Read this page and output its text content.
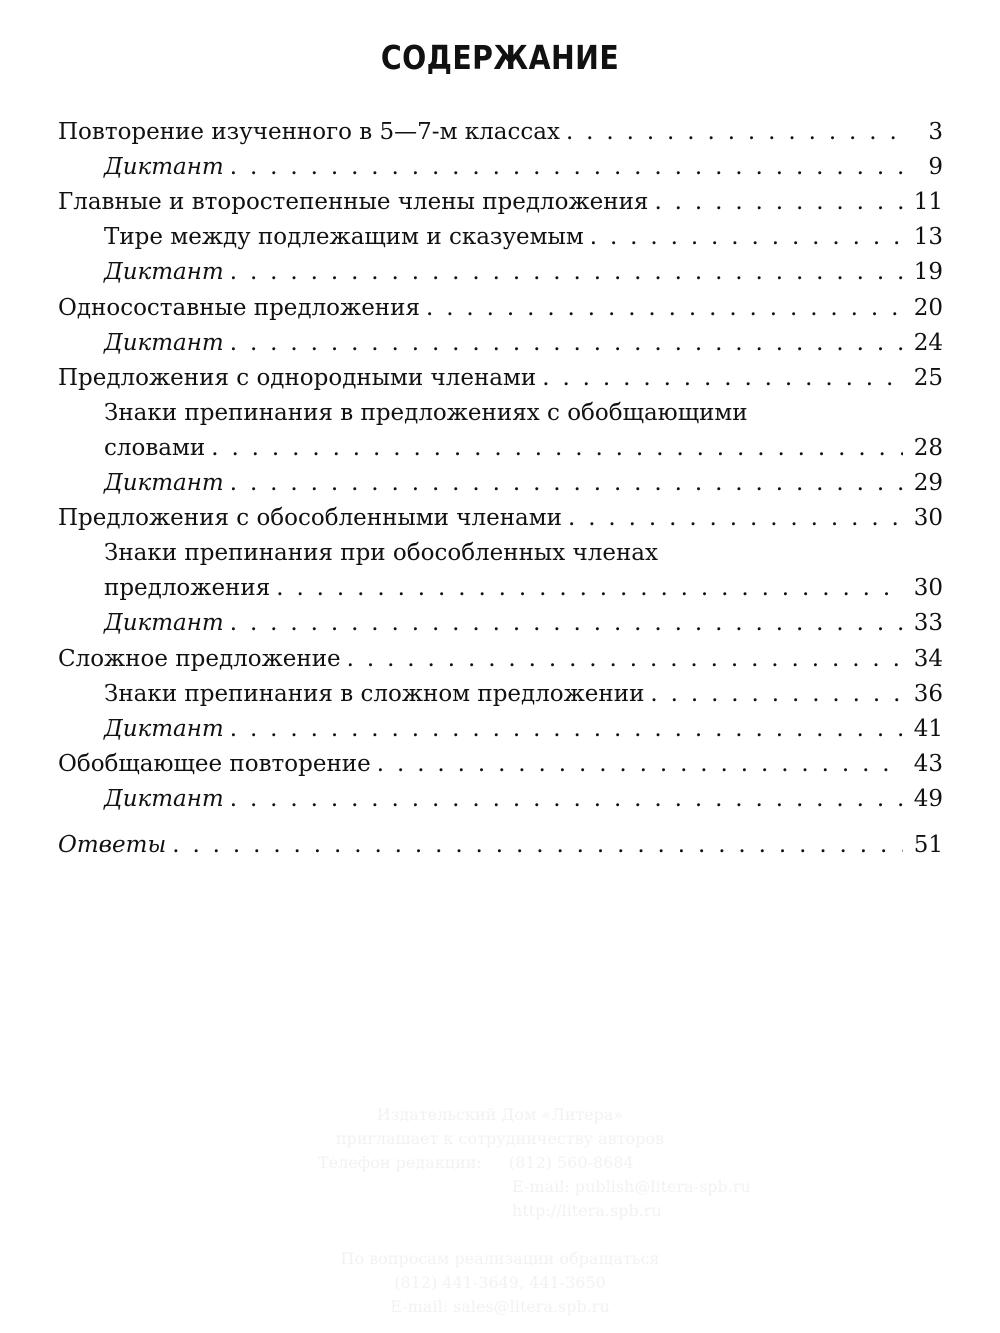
СОДЕРЖАНИЕ
Повторение изученного в 5—7-м классах . . .	3
Диктант . . .	9
Главные и второстепенные члены предложения . . .	11
Тире между подлежащим и сказуемым . . .	13
Диктант . . .	19
Односоставные предложения . . .	20
Диктант . . .	24
Предложения с однородными членами . . .	25
Знаки препинания в предложениях с обобщающими
словами . . .	28
Диктант . . .	29
Предложения с обособленными членами . . .	30
Знаки препинания при обособленных членах
предложения . . .	30
Диктант . . .	33
Сложное предложение . . .	34
Знаки препинания в сложном предложении . . .	36
Диктант . . .	41
Обобщающее повторение . . .	43
Диктант . . .	49
Ответы . . .	51
Издательский Дом «Литера»
приглашает к сотрудничеству авторов
Телефон редакции: (812) 560-8684
E-mail: publish@litera-spb.ru
http://litera.spb.ru
По вопросам реализации обращаться
(812) 441-3649, 441-3650
E-mail: sales@litera.spb.ru
